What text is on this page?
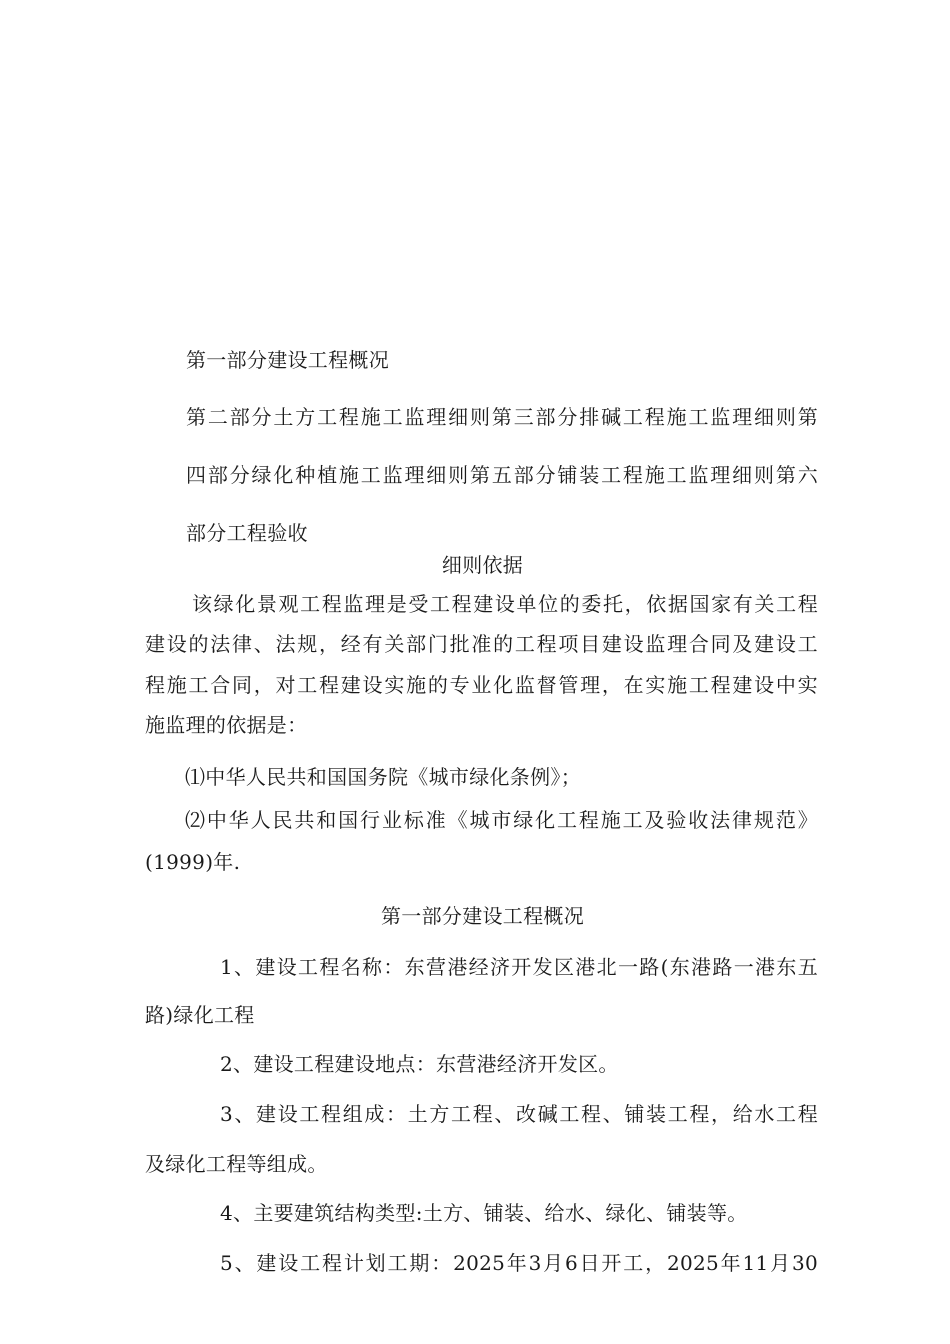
第一部分建设工程概况
第二部分土方工程施工监理细则第三部分排碱工程施工监理细则第
四部分绿化种植施工监理细则第五部分铺装工程施工监理细则第六
部分工程验收
细则依据
该绿化景观工程监理是受工程建设单位的委托，依据国家有关工程
建设的法律、法规，经有关部门批准的工程项目建设监理合同及建设工
程施工合同，对工程建设实施的专业化监督管理，在实施工程建设中实
施监理的依据是：
⑴中华人民共和国国务院《城市绿化条例》；
⑵中华人民共和国行业标准《城市绿化工程施工及验收法律规范》
(1999)年.
第一部分建设工程概况
1、建设工程名称：东营港经济开发区港北一路(东港路一港东五
路)绿化工程
2、建设工程建设地点：东营港经济开发区。
3、建设工程组成：土方工程、改碱工程、铺装工程，给水工程
及绿化工程等组成。
4、主要建筑结构类型:土方、铺装、给水、绿化、铺装等。
5、建设工程计划工期：2025年3月6日开工，2025年11月30
